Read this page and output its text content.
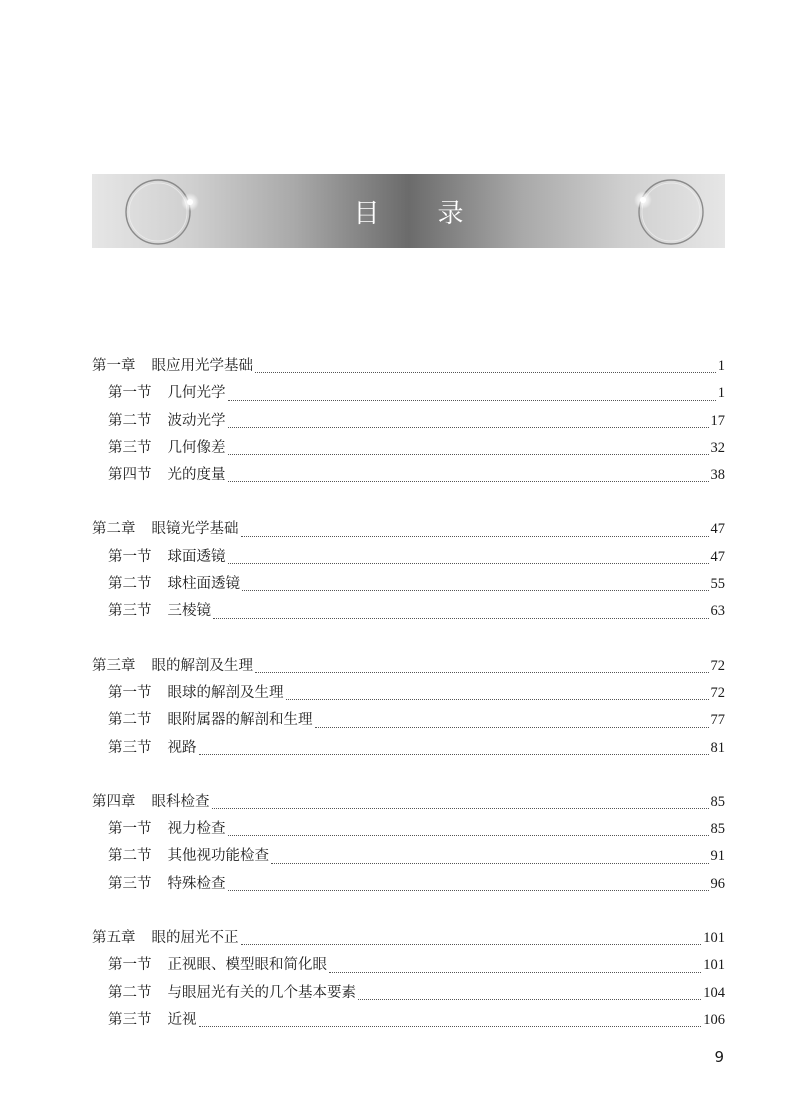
目录
第一章 眼应用光学基础	1
第一节 几何光学	1
第二节 波动光学	17
第三节 几何像差	32
第四节 光的度量	38
第二章 眼镜光学基础	47
第一节 球面透镜	47
第二节 球柱面透镜	55
第三节 三棱镜	63
第三章 眼的解剖及生理	72
第一节 眼球的解剖及生理	72
第二节 眼附属器的解剖和生理	77
第三节 视路	81
第四章 眼科检查	85
第一节 视力检查	85
第二节 其他视功能检查	91
第三节 特殊检查	96
第五章 眼的屈光不正	101
第一节 正视眼、模型眼和简化眼	101
第二节 与眼屈光有关的几个基本要素	104
第三节 近视	106
9
